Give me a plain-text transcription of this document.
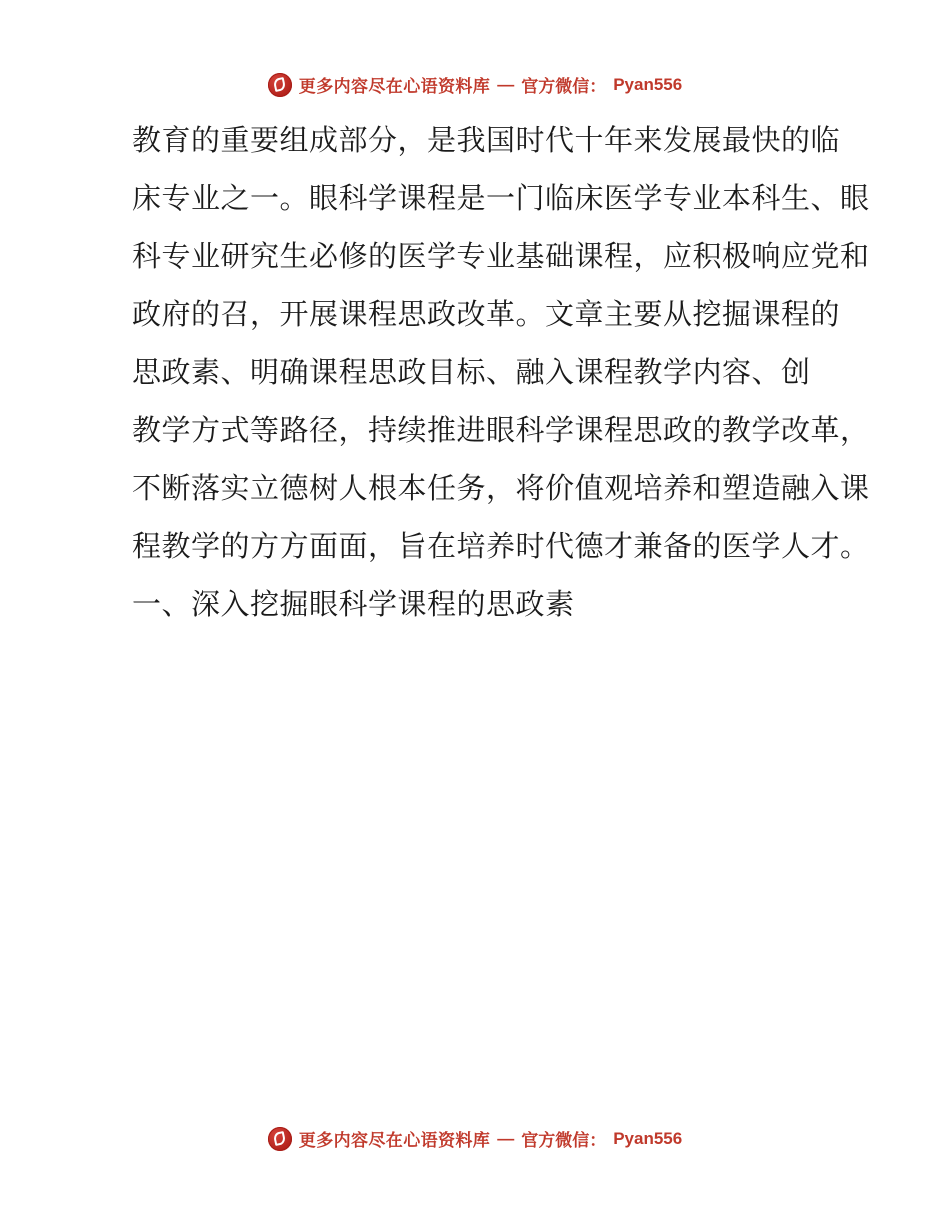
更多内容尽在心语资料库 — 官方微信： Pyan556

教育的重要组成部分，是我国时代十年来发展最快的临

床专业之一。眼科学课程是一门临床医学专业本科生、眼

科专业研究生必修的医学专业基础课程，应积极响应党和

政府的召，开展课程思政改革。文章主要从挖掘课程的

思政素、明确课程思政目标、融入课程教学内容、创

教学方式等路径，持续推进眼科学课程思政的教学改革，

不断落实立德树人根本任务，将价值观培养和塑造融入课

程教学的方方面面，旨在培养时代德才兼备的医学人才。

一、深入挖掘眼科学课程的思政素

更多内容尽在心语资料库 — 官方微信： Pyan556
